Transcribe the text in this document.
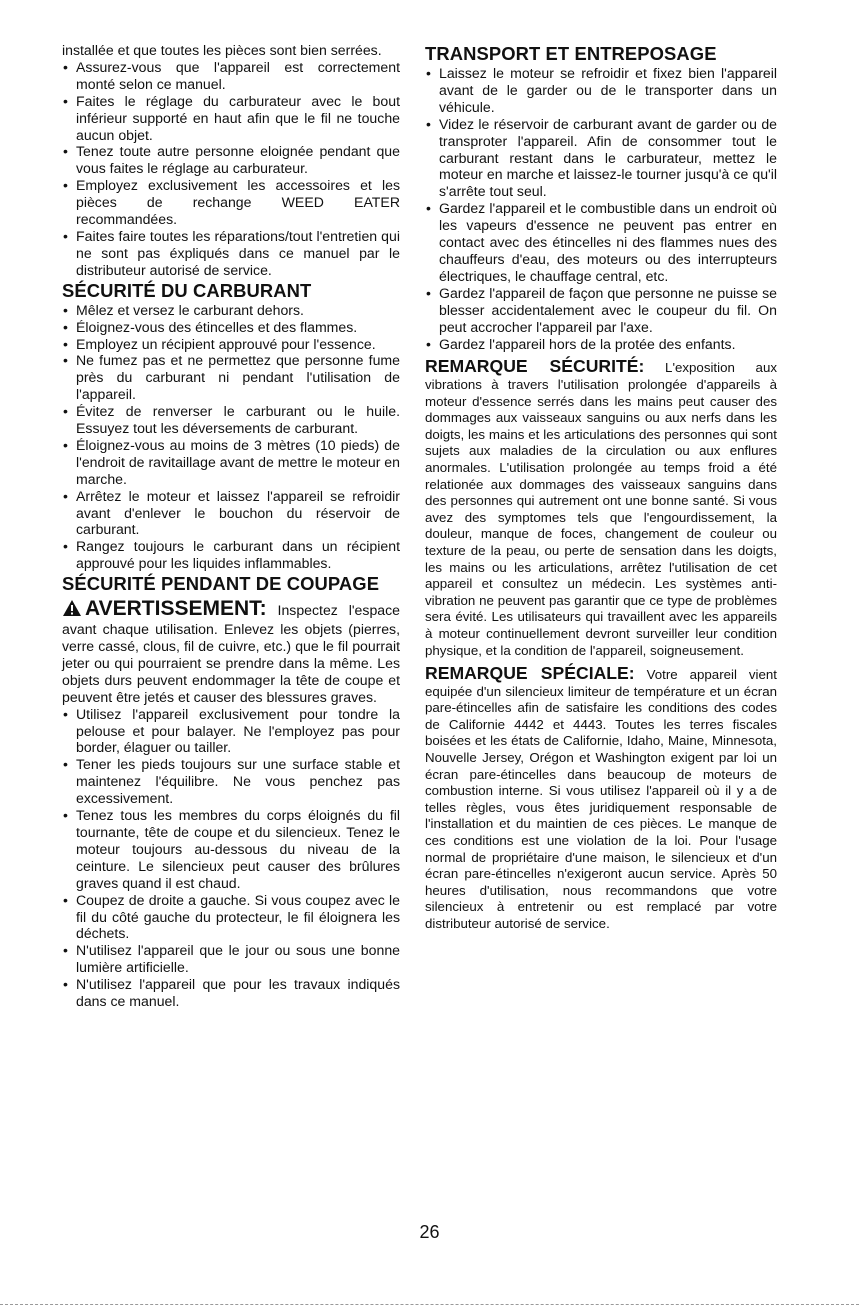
installée et que toutes les pièces sont bien serrées.

• Assurez-vous que l'appareil est correctement monté selon ce manuel.
• Faites le réglage du carburateur avec le bout inférieur supporté en haut afin que le fil ne touche aucun objet.
• Tenez toute autre personne eloignée pendant que vous faites le réglage au carburateur.
• Employez exclusivement les accessoires et les pièces de rechange WEED EATER recommandées.
• Faites faire toutes les réparations/tout l'entretien qui ne sont pas éxpliqués dans ce manuel par le distributeur autorisé de service.
SÉCURITÉ DU CARBURANT
• Mêlez et versez le carburant dehors.
• Éloignez-vous des étincelles et des flammes.
• Employez un récipient approuvé pour l'essence.
• Ne fumez pas et ne permettez que personne fume près du carburant ni pendant l'utilisation de l'appareil.
• Évitez de renverser le carburant ou le huile. Essuyez tout les déversements de carburant.
• Éloignez-vous au moins de 3 mètres (10 pieds) de l'endroit de ravitaillage avant de mettre le moteur en marche.
• Arrêtez le moteur et laissez l'appareil se refroidir avant d'enlever le bouchon du réservoir de carburant.
• Rangez toujours le carburant dans un récipient approuvé pour les liquides inflammables.
SÉCURITÉ PENDANT DE COUPAGE

AVERTISSEMENT: Inspectez l'espace avant chaque utilisation. Enlevez les objets (pierres, verre cassé, clous, fil de cuivre, etc.) que le fil pourrait jeter ou qui pourraient se prendre dans la même. Les objets durs peuvent endommager la tête de coupe et peuvent être jetés et causer des blessures graves.

• Utilisez l'appareil exclusivement pour tondre la pelouse et pour balayer. Ne l'employez pas pour border, élaguer ou tailler.
• Tener les pieds toujours sur une surface stable et maintenez l'équilibre. Ne vous penchez pas excessivement.
• Tenez tous les membres du corps éloignés du fil tournante, tête de coupe et du silencieux. Tenez le moteur toujours au-dessous du niveau de la ceinture. Le silencieux peut causer des brûlures graves quand il est chaud.
• Coupez de droite a gauche. Si vous coupez avec le fil du côté gauche du protecteur, le fil éloignera les déchets.
• N'utilisez l'appareil que le jour ou sous une bonne lumière artificielle.
• N'utilisez l'appareil que pour les travaux indiqués dans ce manuel.
TRANSPORT ET ENTREPOSAGE
• Laissez le moteur se refroidir et fixez bien l'appareil avant de le garder ou de le transporter dans un véhicule.
• Videz le réservoir de carburant avant de garder ou de transproter l'appareil. Afin de consommer tout le carburant restant dans le carburateur, mettez le moteur en marche et laissez-le tourner jusqu'à ce qu'il s'arrête tout seul.
• Gardez l'appareil et le combustible dans un endroit où les vapeurs d'essence ne peuvent pas entrer en contact avec des étincelles ni des flammes nues des chauffeurs d'eau, des moteurs ou des interrupteurs électriques, le chauffage central, etc.
• Gardez l'appareil de façon que personne ne puisse se blesser accidentalement avec le coupeur du fil. On peut accrocher l'appareil par l'axe.
• Gardez l'appareil hors de la protée des enfants.

REMARQUE SÉCURITÉ: L'exposition aux vibrations à travers l'utilisation prolongée d'appareils à moteur d'essence serrés dans les mains peut causer des dommages aux vaisseaux sanguins ou aux nerfs dans les doigts, les mains et les articulations des personnes qui sont sujets aux maladies de la circulation ou aux enflures anormales. L'utilisation prolongée au temps froid a été relationée aux dommages des vaisseaux sanguins dans des personnes qui autrement ont une bonne santé. Si vous avez des symptomes tels que l'engourdissement, la douleur, manque de foces, changement de couleur ou texture de la peau, ou perte de sensation dans les doigts, les mains ou les articulations, arrêtez l'utilisation de cet appareil et consultez un médecin. Les systèmes anti-vibration ne peuvent pas garantir que ce type de problèmes sera évité. Les utilisateurs qui travaillent avec les appareils à moteur continuellement devront surveiller leur condition physique, et la condition de l'appareil, soigneusement.

REMARQUE SPÉCIALE: Votre appareil vient equipée d'un silencieux limiteur de température et un écran pare-étincelles afin de satisfaire les conditions des codes de Californie 4442 et 4443. Toutes les terres fiscales boisées et les états de Californie, Idaho, Maine, Minnesota, Nouvelle Jersey, Orégon et Washington exigent par loi un écran pare-étincelles dans beaucoup de moteurs de combustion interne. Si vous utilisez l'appareil où il y a de telles règles, vous êtes juridiquement responsable de l'installation et du maintien de ces pièces. Le manque de ces conditions est une violation de la loi. Pour l'usage normal de propriétaire d'une maison, le silencieux et d'un écran pare-étincelles n'exigeront aucun service. Après 50 heures d'utilisation, nous recommandons que votre silencieux à entretenir ou est remplacé par votre distributeur autorisé de service.

26
